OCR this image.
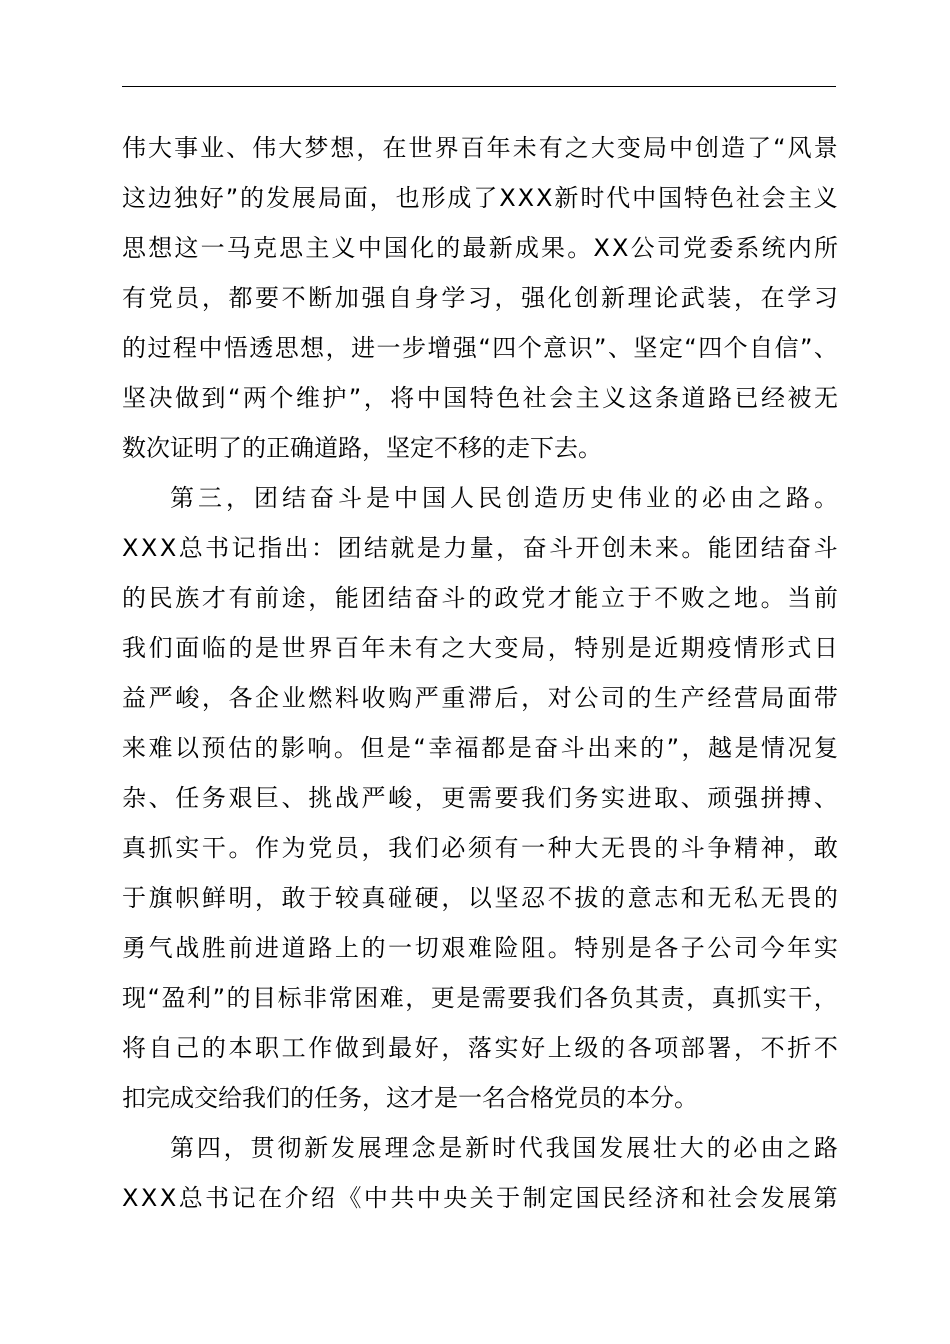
伟 大 事 业 、 伟 大 梦 想 ， 在 世 界 百 年 未 有 之 大 变 局 中 创 造 了 “ 风 景
这 边 独 好 ” 的 发 展 局 面 ， 也 形 成 了 X X X 新 时 代 中 国 特 色 社 会 主 义
思 想 这 一 马 克 思 主 义 中 国 化 的 最 新 成 果 。 X X 公 司 党 委 系 统 内 所
有 党 员 ， 都 要 不 断 加 强 自 身 学 习 ， 强 化 创 新 理 论 武 装 ， 在 学 习
的 过 程 中 悟 透 思 想 ， 进 一 步 增 强 “ 四 个 意 识 ” 、 坚 定 “ 四 个 自 信 ” 、
坚 决 做 到 “ 两 个 维 护 ” ， 将 中 国 特 色 社 会 主 义 这 条 道 路 已 经 被 无
数次证明了的正确道路，坚定不移的走下去。
第 三 ， 团 结 奋 斗 是 中 国 人 民 创 造 历 史 伟 业 的 必 由 之 路 。
X X X 总 书 记 指 出 ： 团 结 就 是 力 量 ， 奋 斗 开 创 未 来 。 能 团 结 奋 斗
的 民 族 才 有 前 途 ， 能 团 结 奋 斗 的 政 党 才 能 立 于 不 败 之 地 。 当 前
我 们 面 临 的 是 世 界 百 年 未 有 之 大 变 局 ， 特 别 是 近 期 疫 情 形 式 日
益 严 峻 ， 各 企 业 燃 料 收 购 严 重 滞 后 ， 对 公 司 的 生 产 经 营 局 面 带
来 难 以 预 估 的 影 响 。 但 是 “ 幸 福 都 是 奋 斗 出 来 的 ” ， 越 是 情 况 复
杂 、 任 务 艰 巨 、 挑 战 严 峻 ， 更 需 要 我 们 务 实 进 取 、 顽 强 拼 搏 、
真 抓 实 干 。 作 为 党 员 ， 我 们 必 须 有 一 种 大 无 畏 的 斗 争 精 神 ， 敢
于 旗 帜 鲜 明 ， 敢 于 较 真 碰 硬 ， 以 坚 忍 不 拔 的 意 志 和 无 私 无 畏 的
勇 气 战 胜 前 进 道 路 上 的 一 切 艰 难 险 阻 。 特 别 是 各 子 公 司 今 年 实
现 “ 盈 利 ” 的 目 标 非 常 困 难 ， 更 是 需 要 我 们 各 负 其 责 ， 真 抓 实 干 ，
将 自 己 的 本 职 工 作 做 到 最 好 ， 落 实 好 上 级 的 各 项 部 署 ， 不 折 不
扣完成交给我们的任务，这才是一名合格党员的本分。
第 四 ， 贯 彻 新 发 展 理 念 是 新 时 代 我 国 发 展 壮 大 的 必 由 之 路
X X X 总 书 记 在 介 绍 《 中 共 中 央 关 于 制 定 国 民 经 济 和 社 会 发 展 第
